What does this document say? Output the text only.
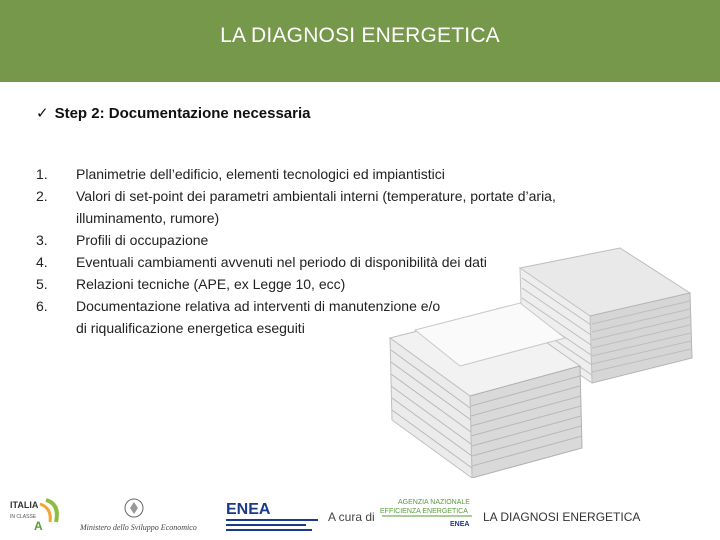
LA DIAGNOSI ENERGETICA
✓ Step 2: Documentazione necessaria
1.	Planimetrie dell’edificio, elementi tecnologici ed impiantistici
2.	Valori di set-point dei parametri ambientali interni (temperature, portate d’aria,
illuminamento, rumore)
3.	Profili di occupazione
4.	Eventuali cambiamenti avvenuti nel periodo di disponibilità dei dati
5.	Relazioni tecniche (APE, ex Legge 10, ecc)
6.	Documentazione relativa ad interventi di manutenzione e/o
di riqualificazione energetica eseguiti
ITALIA
IN CLASSE
A	Ministero dello Sviluppo Economico
ENEA	AGENZIA NAZIONALE
EFFICIENZA ENERGETICA
ENEA
A cura di	LA DIAGNOSI ENERGETICA
